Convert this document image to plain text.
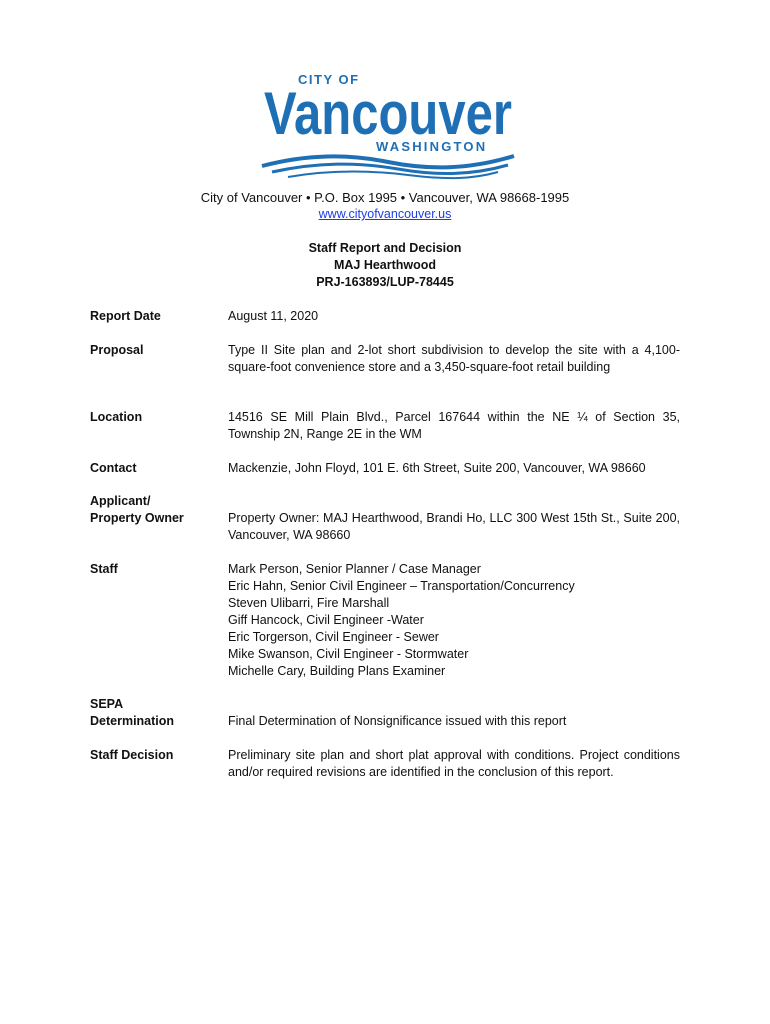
CITY OF
Vancouver
WASHINGTON
City of Vancouver • P.O. Box 1995 • Vancouver, WA 98668-1995
www.cityofvancouver.us
Staff Report and Decision
MAJ Hearthwood
PRJ-163893/LUP-78445
Report Date	August 11, 2020
Proposal	Type II Site plan and 2-lot short subdivision to develop the site with a 4,100-square-foot convenience store and a 3,450-square-foot retail building
Location	14516 SE Mill Plain Blvd., Parcel 167644 within the NE ¼ of Section 35, Township 2N, Range 2E in the WM
Contact	Mackenzie, John Floyd, 101 E. 6th Street, Suite 200, Vancouver, WA 98660
Applicant/
Property Owner	Property Owner: MAJ Hearthwood, Brandi Ho, LLC 300 West 15th St., Suite 200, Vancouver, WA 98660
Staff	Mark Person, Senior Planner / Case Manager
Eric Hahn, Senior Civil Engineer – Transportation/Concurrency
Steven Ulibarri, Fire Marshall
Giff Hancock, Civil Engineer -Water
Eric Torgerson, Civil Engineer - Sewer
Mike Swanson, Civil Engineer - Stormwater
Michelle Cary, Building Plans Examiner
SEPA
Determination	Final Determination of Nonsignificance issued with this report
Staff Decision	Preliminary site plan and short plat approval with conditions. Project conditions and/or required revisions are identified in the conclusion of this report.
